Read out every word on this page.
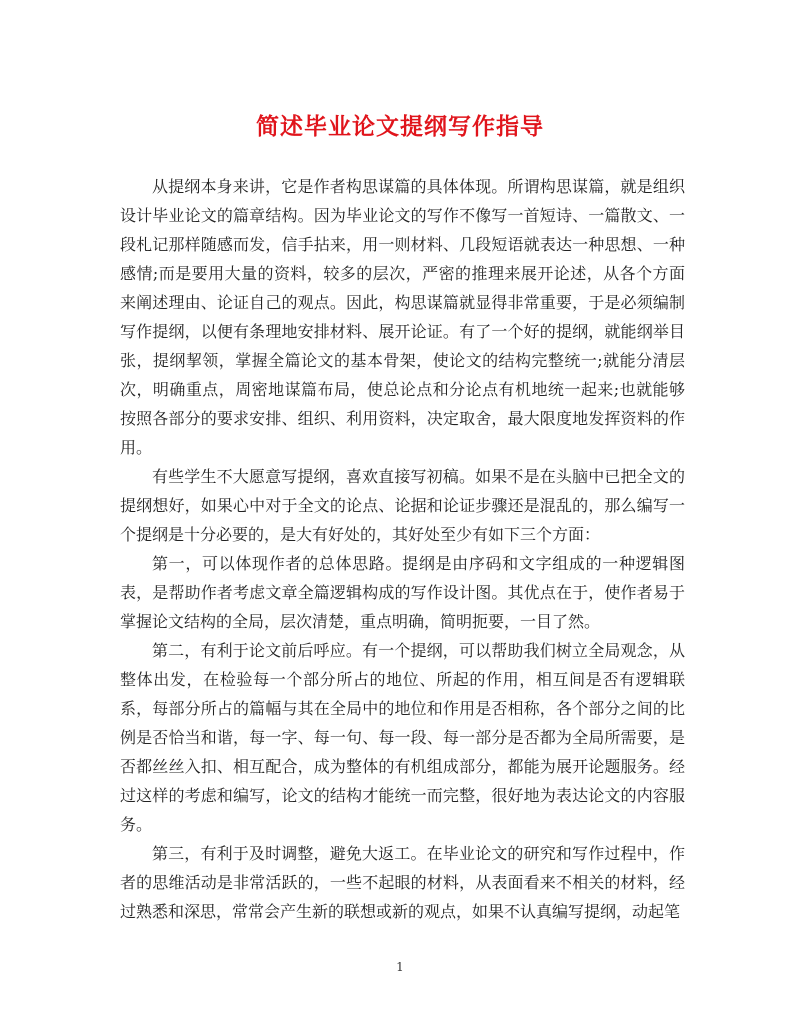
简述毕业论文提纲写作指导

从提纲本身来讲，它是作者构思谋篇的具体体现。所谓构思谋篇，就是组织设计毕业论文的篇章结构。因为毕业论文的写作不像写一首短诗、一篇散文、一段札记那样随感而发，信手拈来，用一则材料、几段短语就表达一种思想、一种感情;而是要用大量的资料，较多的层次，严密的推理来展开论述，从各个方面来阐述理由、论证自己的观点。因此，构思谋篇就显得非常重要，于是必须编制写作提纲，以便有条理地安排材料、展开论证。有了一个好的提纲，就能纲举目张，提纲挈领，掌握全篇论文的基本骨架，使论文的结构完整统一;就能分清层次，明确重点，周密地谋篇布局，使总论点和分论点有机地统一起来;也就能够按照各部分的要求安排、组织、利用资料，决定取舍，最大限度地发挥资料的作用。

有些学生不大愿意写提纲，喜欢直接写初稿。如果不是在头脑中已把全文的提纲想好，如果心中对于全文的论点、论据和论证步骤还是混乱的，那么编写一个提纲是十分必要的，是大有好处的，其好处至少有如下三个方面：

第一，可以体现作者的总体思路。提纲是由序码和文字组成的一种逻辑图表，是帮助作者考虑文章全篇逻辑构成的写作设计图。其优点在于，使作者易于掌握论文结构的全局，层次清楚，重点明确，简明扼要，一目了然。

第二，有利于论文前后呼应。有一个提纲，可以帮助我们树立全局观念，从整体出发，在检验每一个部分所占的地位、所起的作用，相互间是否有逻辑联系，每部分所占的篇幅与其在全局中的地位和作用是否相称，各个部分之间的比例是否恰当和谐，每一字、每一句、每一段、每一部分是否都为全局所需要，是否都丝丝入扣、相互配合，成为整体的有机组成部分，都能为展开论题服务。经过这样的考虑和编写，论文的结构才能统一而完整，很好地为表达论文的内容服务。

第三，有利于及时调整，避免大返工。在毕业论文的研究和写作过程中，作者的思维活动是非常活跃的，一些不起眼的材料，从表面看来不相关的材料，经过熟悉和深思，常常会产生新的联想或新的观点，如果不认真编写提纲，动起笔

1
